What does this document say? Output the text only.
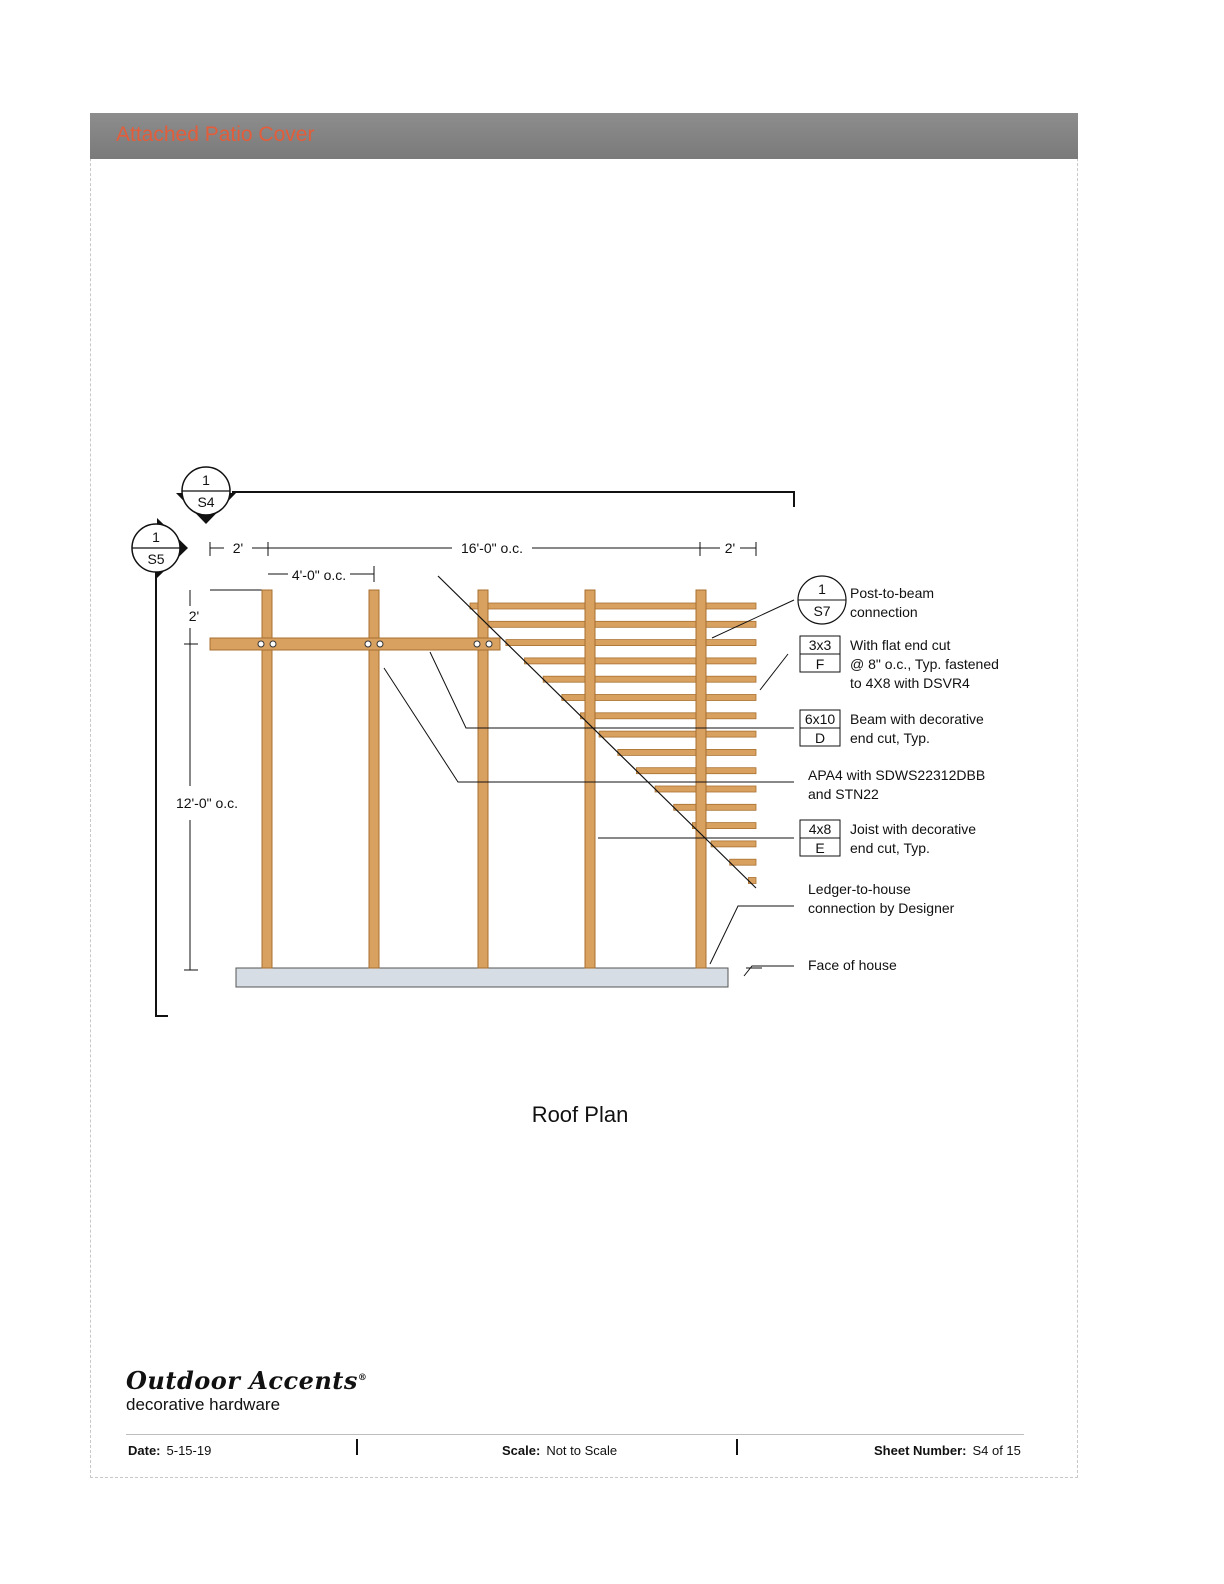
Attached Patio Cover
1
S4
1
S5
2'	16'-0" o.c.	2'
4'-0" o.c.
2'
12'-0" o.c.
1
S7
Post-to-beam
connection
3x3
F
With flat end cut
@ 8" o.c., Typ. fastened
to 4X8 with DSVR4
6x10
D
Beam with decorative
end cut, Typ.
APA4 with SDWS22312DBB
and STN22
4x8
E
Joist with decorative
end cut, Typ.
Ledger-to-house
connection by Designer
Face of house
Roof Plan
Outdoor Accents®
decorative hardware
Date: 5-15-19	Scale: Not to Scale	Sheet Number: S4 of 15
